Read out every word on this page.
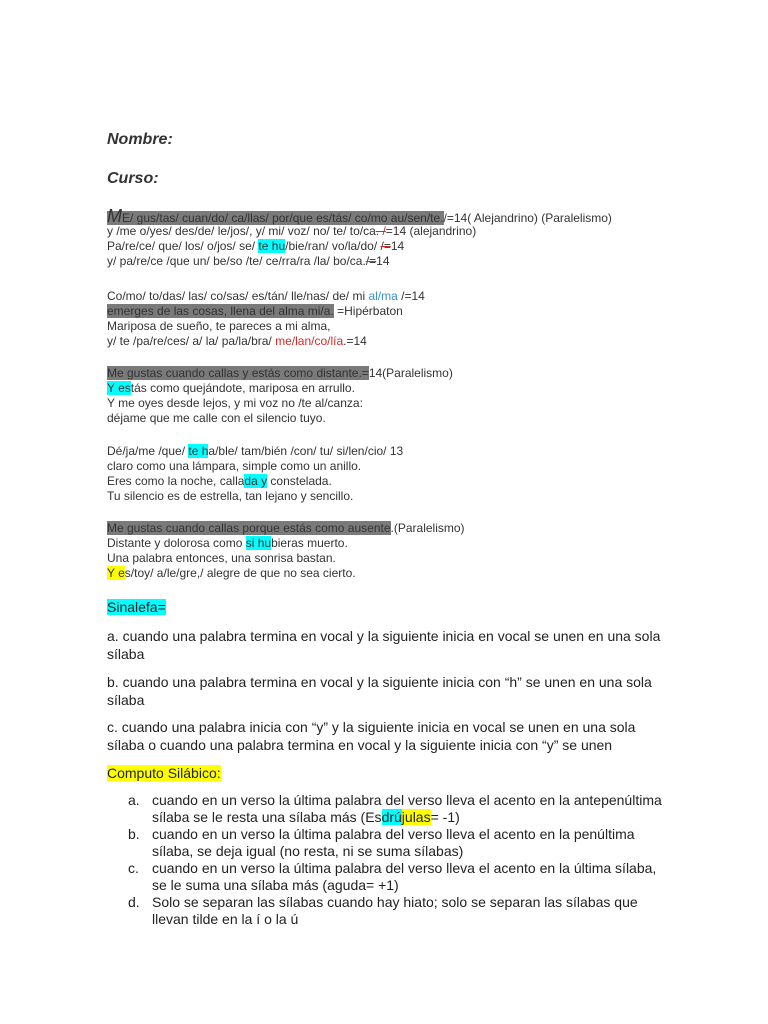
Nombre:
Curso:
ME/ gus/tas/ cuan/do/ ca/llas/ por/que es/tás/ co/mo au/sen/te./=14( Alejandrino) (Paralelismo)
y /me o/yes/ des/de/ le/jos/, y/ mi/ voz/ no/ te/ to/ca. /=14 (alejandrino)
Pa/re/ce/ que/ los/ o/jos/ se/ te hu/bie/ran/ vo/la/do/ /=14
y/ pa/re/ce /que un/ be/so /te/ ce/rra/ra /la/ bo/ca./=14
Co/mo/ to/das/ las/ co/sas/ es/tán/ lle/nas/ de/ mi al/ma /=14
emerges de las cosas, llena del alma mi/a. =Hipérbaton
Mariposa de sueño, te pareces a mi alma,
y/ te /pa/re/ces/ a/ la/ pa/la/bra/ me/lan/co/lía.=14
Me gustas cuando callas y estás como distante.=14(Paralelismo)
Y estás como quejándote, mariposa en arrullo.
Y me oyes desde lejos, y mi voz no /te al/canza:
déjame que me calle con el silencio tuyo.
Dé/ja/me /que/ te ha/ble/ tam/bién /con/ tu/ si/len/cio/ 13
claro como una lámpara, simple como un anillo.
Eres como la noche, callada y constelada.
Tu silencio es de estrella, tan lejano y sencillo.
Me gustas cuando callas porque estás como ausente.(Paralelismo)
Distante y dolorosa como si hubieras muerto.
Una palabra entonces, una sonrisa bastan.
Y es/toy/ a/le/gre,/ alegre de que no sea cierto.
Sinalefa=
a. cuando una palabra termina en vocal y la siguiente inicia en vocal se unen en una sola sílaba
b. cuando una palabra termina en vocal y la siguiente inicia con “h” se unen en una sola sílaba
c. cuando una palabra inicia con “y” y la siguiente inicia en vocal se unen en una sola sílaba o cuando una palabra termina en vocal y la siguiente inicia con “y” se unen
Computo Silábico:
a. cuando en un verso la última palabra del verso lleva el acento en la antepenúltima sílaba se le resta una sílaba más (Esdrújulas= -1)
b. cuando en un verso la última palabra del verso lleva el acento en la penúltima sílaba, se deja igual (no resta, ni se suma sílabas)
c. cuando en un verso la última palabra del verso lleva el acento en la última sílaba, se le suma una sílaba más (aguda= +1)
d. Solo se separan las sílabas cuando hay hiato; solo se separan las sílabas que llevan tilde en la í o la ú
